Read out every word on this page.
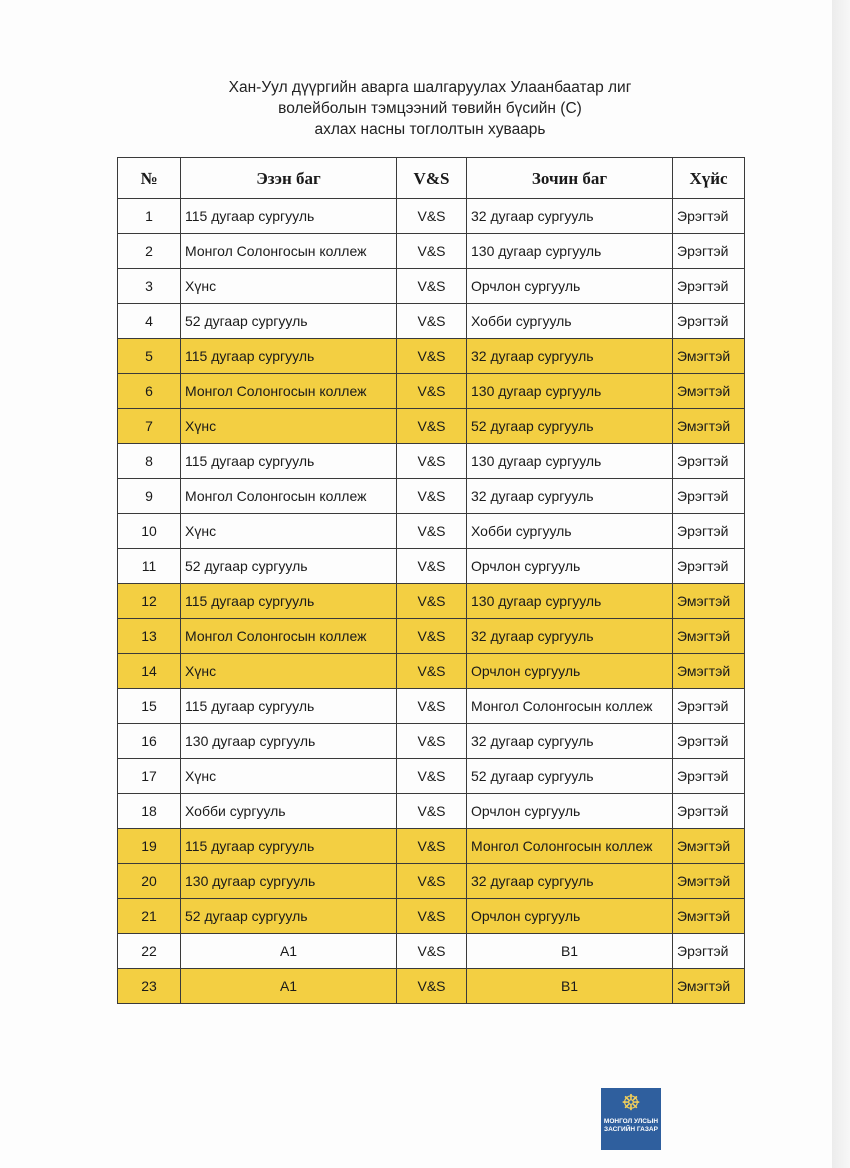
Хан-Уул дүүргийн аварга шалгаруулах Улаанбаатар лиг
волейболын тэмцээний төвийн бүсийн (С)
ахлах насны тоглолтын хуваарь
№	Эзэн баг	V&S	Зочин баг	Хүйс
1	115 дугаар сургууль	V&S	32 дугаар сургууль	Эрэгтэй
2	Монгол Солонгосын коллеж	V&S	130 дугаар сургууль	Эрэгтэй
3	Хүнс	V&S	Орчлон сургууль	Эрэгтэй
4	52 дугаар сургууль	V&S	Хобби сургууль	Эрэгтэй
5	115 дугаар сургууль	V&S	32 дугаар сургууль	Эмэгтэй
6	Монгол Солонгосын коллеж	V&S	130 дугаар сургууль	Эмэгтэй
7	Хүнс	V&S	52 дугаар сургууль	Эмэгтэй
8	115 дугаар сургууль	V&S	130 дугаар сургууль	Эрэгтэй
9	Монгол Солонгосын коллеж	V&S	32 дугаар сургууль	Эрэгтэй
10	Хүнс	V&S	Хобби сургууль	Эрэгтэй
11	52 дугаар сургууль	V&S	Орчлон сургууль	Эрэгтэй
12	115 дугаар сургууль	V&S	130 дугаар сургууль	Эмэгтэй
13	Монгол Солонгосын коллеж	V&S	32 дугаар сургууль	Эмэгтэй
14	Хүнс	V&S	Орчлон сургууль	Эмэгтэй
15	115 дугаар сургууль	V&S	Монгол Солонгосын коллеж	Эрэгтэй
16	130 дугаар сургууль	V&S	32 дугаар сургууль	Эрэгтэй
17	Хүнс	V&S	52 дугаар сургууль	Эрэгтэй
18	Хобби сургууль	V&S	Орчлон сургууль	Эрэгтэй
19	115 дугаар сургууль	V&S	Монгол Солонгосын коллеж	Эмэгтэй
20	130 дугаар сургууль	V&S	32 дугаар сургууль	Эмэгтэй
21	52 дугаар сургууль	V&S	Орчлон сургууль	Эмэгтэй
22	A1	V&S	B1	Эрэгтэй
23	A1	V&S	B1	Эмэгтэй
☸
МОНГОЛ УЛСЫН
ЗАСГИЙН ГАЗАР
